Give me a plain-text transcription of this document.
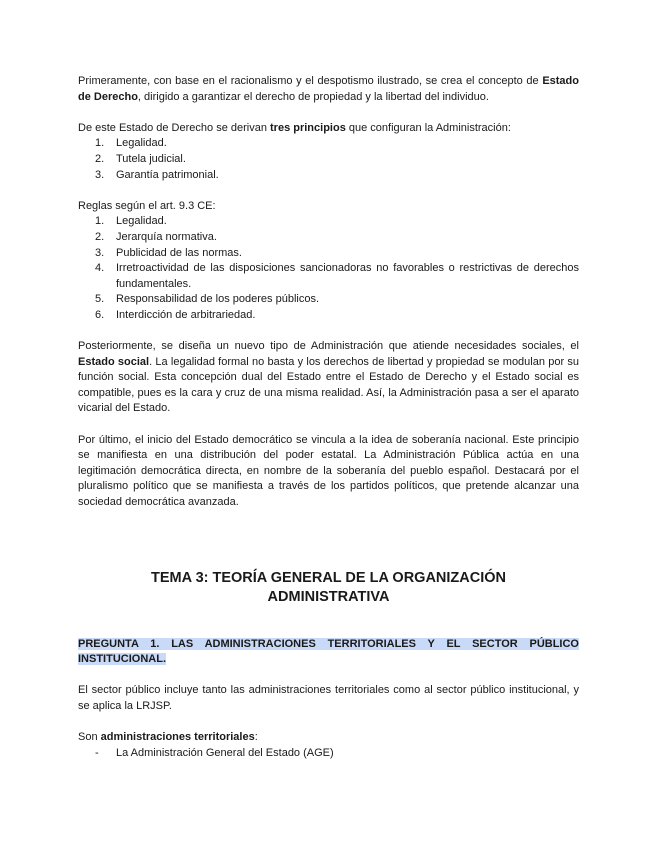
Primeramente, con base en el racionalismo y el despotismo ilustrado, se crea el concepto de Estado de Derecho, dirigido a garantizar el derecho de propiedad y la libertad del individuo.

De este Estado de Derecho se derivan tres principios que configuran la Administración:

1. Legalidad.
2. Tutela judicial.
3. Garantía patrimonial.

Reglas según el art. 9.3 CE:

1. Legalidad.
2. Jerarquía normativa.
3. Publicidad de las normas.
4. Irretroactividad de las disposiciones sancionadoras no favorables o restrictivas de derechos fundamentales.
5. Responsabilidad de los poderes públicos.
6. Interdicción de arbitrariedad.

Posteriormente, se diseña un nuevo tipo de Administración que atiende necesidades sociales, el Estado social. La legalidad formal no basta y los derechos de libertad y propiedad se modulan por su función social. Esta concepción dual del Estado entre el Estado de Derecho y el Estado social es compatible, pues es la cara y cruz de una misma realidad. Así, la Administración pasa a ser el aparato vicarial del Estado.

Por último, el inicio del Estado democrático se vincula a la idea de soberanía nacional. Este principio se manifiesta en una distribución del poder estatal. La Administración Pública actúa en una legitimación democrática directa, en nombre de la soberanía del pueblo español. Destacará por el pluralismo político que se manifiesta a través de los partidos políticos, que pretende alcanzar una sociedad democrática avanzada.

TEMA 3: TEORÍA GENERAL DE LA ORGANIZACIÓN ADMINISTRATIVA

PREGUNTA 1. LAS ADMINISTRACIONES TERRITORIALES Y EL SECTOR PÚBLICO INSTITUCIONAL.

El sector público incluye tanto las administraciones territoriales como al sector público institucional, y se aplica la LRJSP.

Son administraciones territoriales:

- La Administración General del Estado (AGE)
